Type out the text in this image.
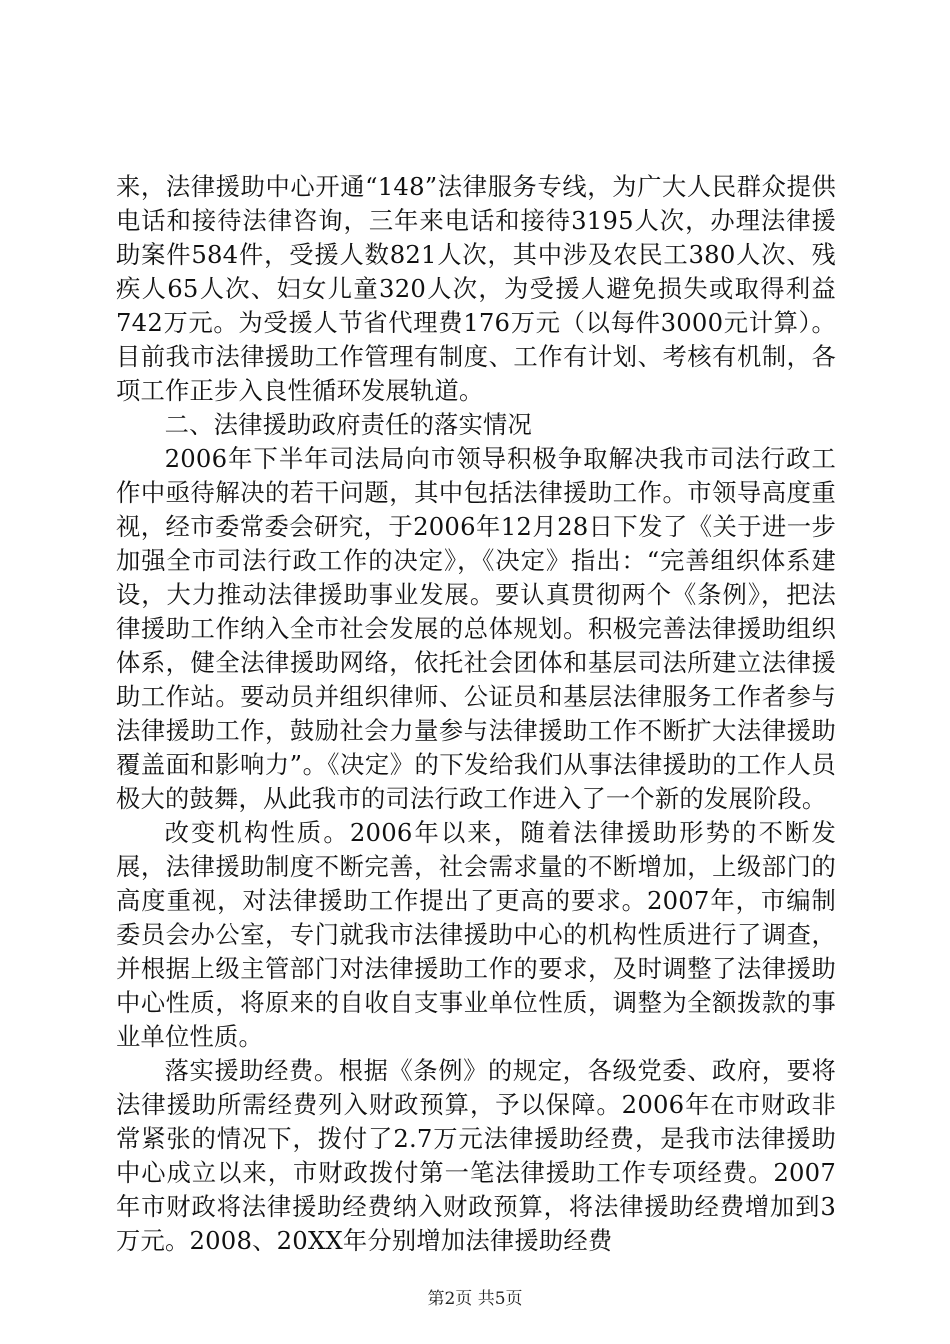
来，法律援助中心开通“148”法律服务专线，为广大人民群众提供电话和接待法律咨询，三年来电话和接待3195人次，办理法律援助案件584件，受援人数821人次，其中涉及农民工380人次、残疾人65人次、妇女儿童320人次，为受援人避免损失或取得利益742万元。为受援人节省代理费176万元（以每件3000元计算）。目前我市法律援助工作管理有制度、工作有计划、考核有机制，各项工作正步入良性循环发展轨道。

二、法律援助政府责任的落实情况

2006年下半年司法局向市领导积极争取解决我市司法行政工作中亟待解决的若干问题，其中包括法律援助工作。市领导高度重视，经市委常委会研究，于2006年12月28日下发了《关于进一步加强全市司法行政工作的决定》，《决定》指出：“完善组织体系建设，大力推动法律援助事业发展。要认真贯彻两个《条例》，把法律援助工作纳入全市社会发展的总体规划。积极完善法律援助组织体系，健全法律援助网络，依托社会团体和基层司法所建立法律援助工作站。要动员并组织律师、公证员和基层法律服务工作者参与法律援助工作，鼓励社会力量参与法律援助工作不断扩大法律援助覆盖面和影响力”。《决定》的下发给我们从事法律援助的工作人员极大的鼓舞，从此我市的司法行政工作进入了一个新的发展阶段。

改变机构性质。2006年以来，随着法律援助形势的不断发展，法律援助制度不断完善，社会需求量的不断增加，上级部门的高度重视，对法律援助工作提出了更高的要求。2007年，市编制委员会办公室，专门就我市法律援助中心的机构性质进行了调查，并根据上级主管部门对法律援助工作的要求，及时调整了法律援助中心性质，将原来的自收自支事业单位性质，调整为全额拨款的事业单位性质。

落实援助经费。根据《条例》的规定，各级党委、政府，要将法律援助所需经费列入财政预算，予以保障。2006年在市财政非常紧张的情况下，拨付了2.7万元法律援助经费，是我市法律援助中心成立以来，市财政拨付第一笔法律援助工作专项经费。2007年市财政将法律援助经费纳入财政预算，将法律援助经费增加到3万元。2008、20XX年分别增加法律援助经费

第2页 共5页
